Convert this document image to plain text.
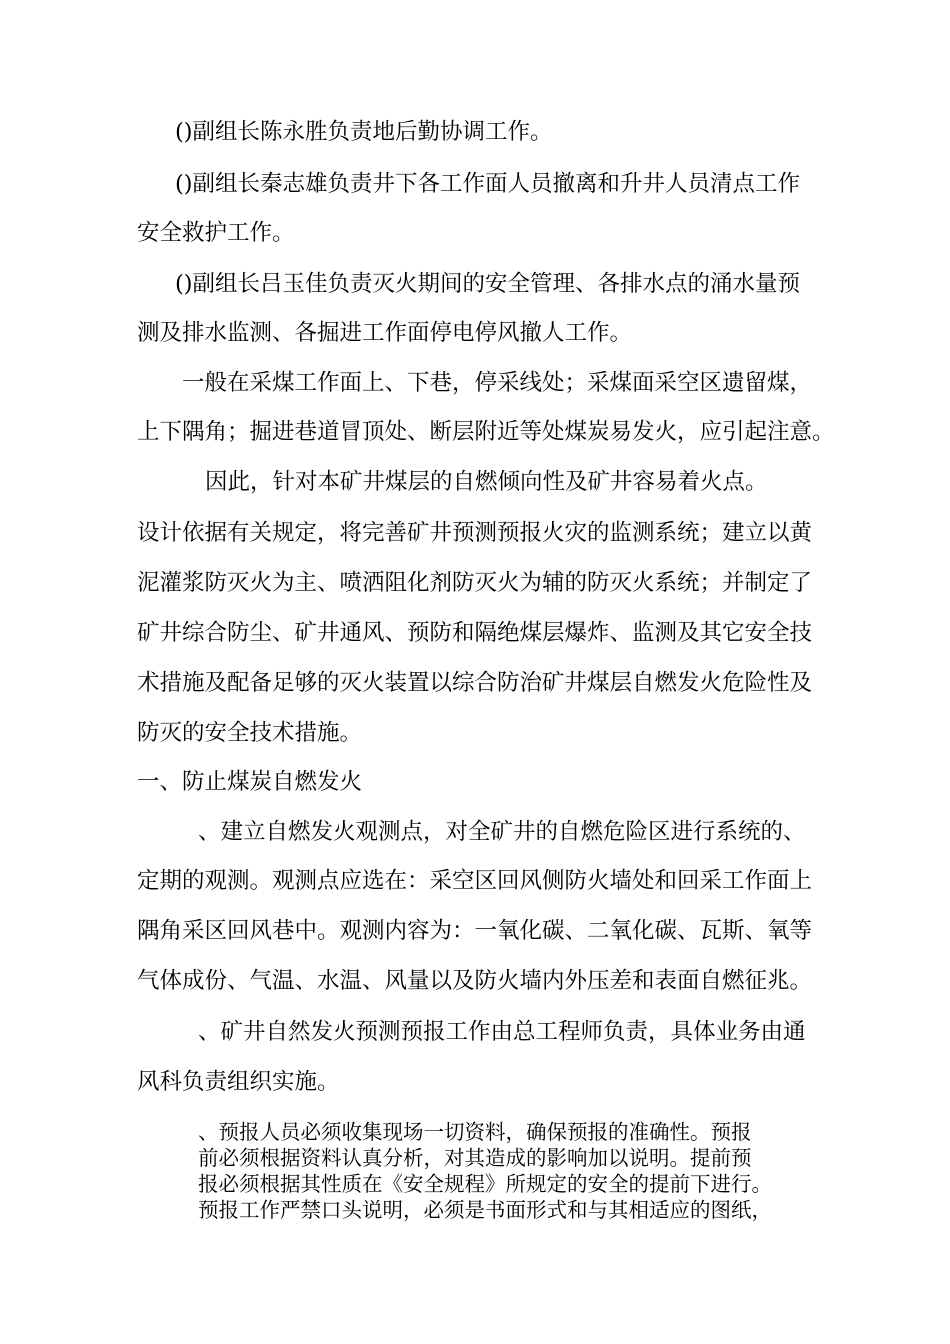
()副组长陈永胜负责地后勤协调工作。

()副组长秦志雄负责井下各工作面人员撤离和升井人员清点工作

安全救护工作。

()副组长吕玉佳负责灭火期间的安全管理、各排水点的涌水量预

测及排水监测、各掘进工作面停电停风撤人工作。

一般在采煤工作面上、下巷，停采线处；采煤面采空区遗留煤，

上下隅角；掘进巷道冒顶处、断层附近等处煤炭易发火，应引起注意。

因此，针对本矿井煤层的自燃倾向性及矿井容易着火点。

设计依据有关规定，将完善矿井预测预报火灾的监测系统；建立以黄

泥灌浆防灭火为主、喷洒阻化剂防灭火为辅的防灭火系统；并制定了

矿井综合防尘、矿井通风、预防和隔绝煤层爆炸、监测及其它安全技

术措施及配备足够的灭火装置以综合防治矿井煤层自燃发火危险性及

防灭的安全技术措施。

一、防止煤炭自燃发火

、建立自燃发火观测点，对全矿井的自燃危险区进行系统的、

定期的观测。观测点应选在：采空区回风侧防火墙处和回采工作面上

隅角采区回风巷中。观测内容为：一氧化碳、二氧化碳、瓦斯、氧等

气体成份、气温、水温、风量以及防火墙内外压差和表面自燃征兆。

、矿井自然发火预测预报工作由总工程师负责，具体业务由通

风科负责组织实施。

、预报人员必须收集现场一切资料，确保预报的准确性。预报

前必须根据资料认真分析，对其造成的影响加以说明。提前预

报必须根据其性质在《安全规程》所规定的安全的提前下进行。

预报工作严禁口头说明，必须是书面形式和与其相适应的图纸，
